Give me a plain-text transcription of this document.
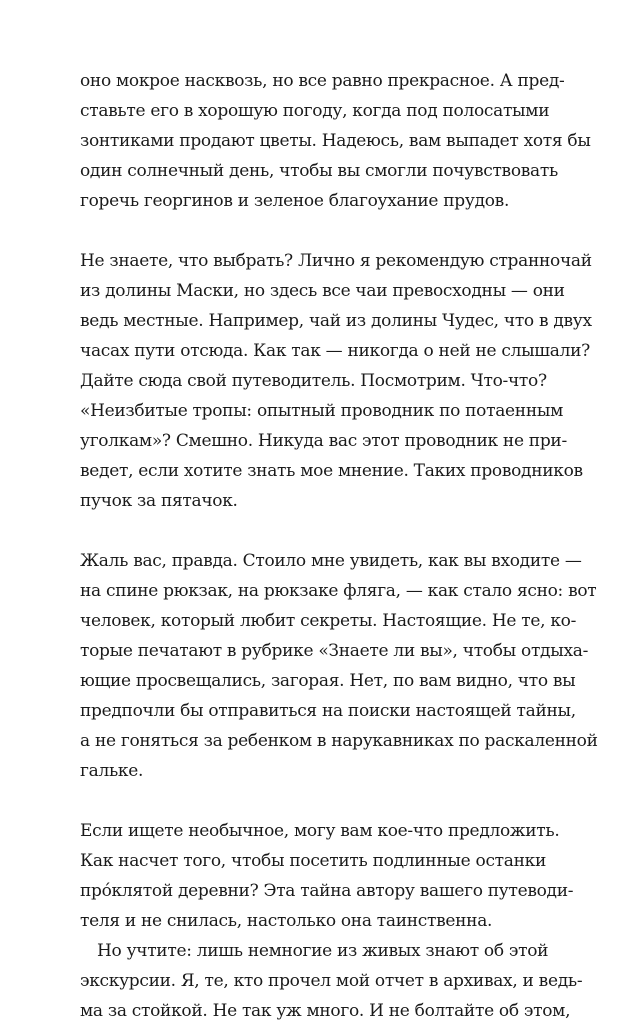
оно мокрое насквозь, но все равно прекрасное. А пред-
ставьте его в хорошую погоду, когда под полосатыми
зонтиками продают цветы. Надеюсь, вам выпадет хотя бы
один солнечный день, чтобы вы смогли почувствовать
горечь георгинов и зеленое благоухание прудов.
Не знаете, что выбрать? Лично я рекомендую странночай
из долины Маски, но здесь все чаи превосходны — они
ведь местные. Например, чай из долины Чудес, что в двух
часах пути отсюда. Как так — никогда о ней не слышали?
Дайте сюда свой путеводитель. Посмотрим. Что-что?
«Неизбитые тропы: опытный проводник по потаенным
уголкам»? Смешно. Никуда вас этот проводник не при-
ведет, если хотите знать мое мнение. Таких проводников
пучок за пятачок.
Жаль вас, правда. Стоило мне увидеть, как вы входите —
на спине рюкзак, на рюкзаке фляга, — как стало ясно: вот
человек, который любит секреты. Настоящие. Не те, ко-
торые печатают в рубрике «Знаете ли вы», чтобы отдыха-
ющие просвещались, загорая. Нет, по вам видно, что вы
предпочли бы отправиться на поиски настоящей тайны,
а не гоняться за ребенком в нарукавниках по раскаленной
гальке.
Если ищете необычное, могу вам кое-что предложить.
Как насчет того, чтобы посетить подлинные останки
про́клятой деревни? Эта тайна автору вашего путеводи-
теля и не снилась, настолько она таинственна.
Но учтите: лишь немногие из живых знают об этой
экскурсии. Я, те, кто прочел мой отчет в архивах, и ведь-
ма за стойкой. Не так уж много. И не болтайте об этом,
